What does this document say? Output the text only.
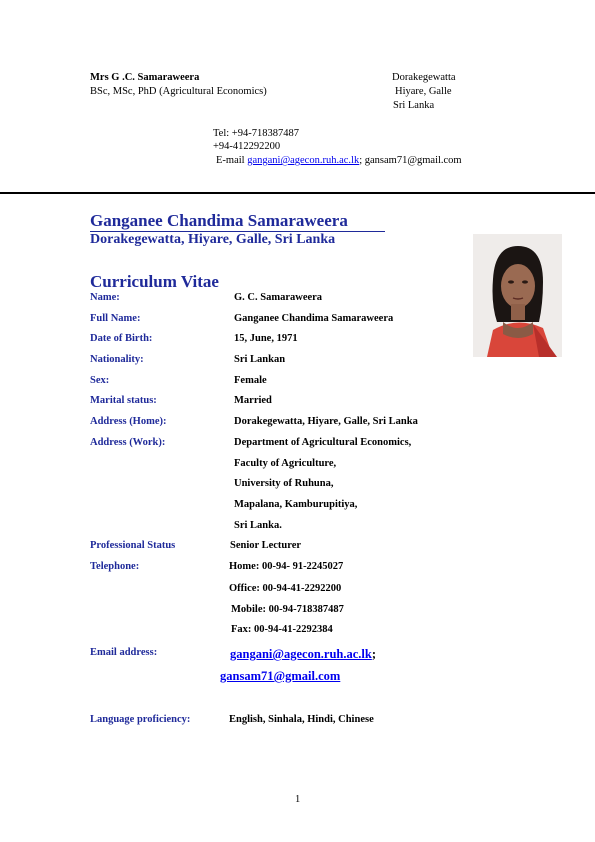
Mrs G .C. Samaraweera
BSc, MSc, PhD (Agricultural Economics)
Dorakegewatta
Hiyare, Galle
Sri Lanka
Tel: +94-718387487
+94-412292200
E-mail gangani@agecon.ruh.ac.lk; gansam71@gmail.com
Ganganee Chandima Samaraweera
Dorakegewatta, Hiyare, Galle, Sri Lanka
Curriculum Vitae
Name:	G. C. Samaraweera
Full Name:	Ganganee Chandima Samaraweera
Date of Birth:	15, June, 1971
Nationality:	Sri Lankan
Sex:	Female
Marital status:	Married
Address (Home):	Dorakegewatta, Hiyare, Galle, Sri Lanka
Address (Work):	Department of Agricultural Economics,
Faculty of Agriculture,
University of Ruhuna,
Mapalana, Kamburupitiya,
Sri Lanka.
Professional Status	Senior Lecturer
Telephone:	Home: 00-94- 91-2245027
Office: 00-94-41-2292200
Mobile: 00-94-718387487
Fax: 00-94-41-2292384
Email address:	gangani@agecon.ruh.ac.lk;
gansam71@gmail.com
Language proficiency:	English, Sinhala, Hindi, Chinese
1
